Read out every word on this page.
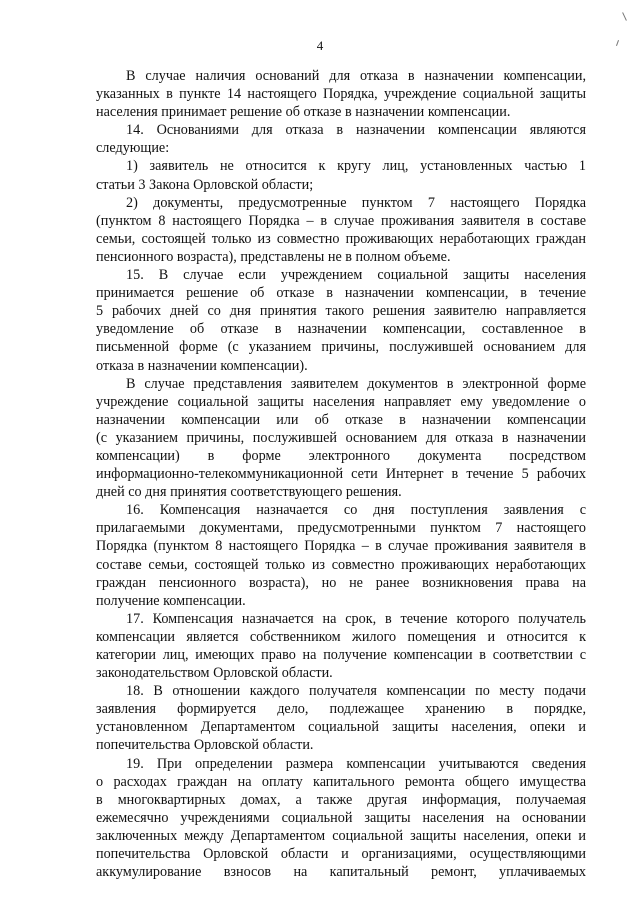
4
В случае наличия оснований для отказа в назначении компенсации,
указанных в пункте 14 настоящего Порядка, учреждение социальной защиты
населения принимает решение об отказе в назначении компенсации.
14. Основаниями для отказа в назначении компенсации являются
следующие:
1) заявитель не относится к кругу лиц, установленных частью 1
статьи 3 Закона Орловской области;
2) документы, предусмотренные пунктом 7 настоящего Порядка
(пунктом 8 настоящего Порядка – в случае проживания заявителя в составе
семьи, состоящей только из совместно проживающих неработающих граждан
пенсионного возраста), представлены не в полном объеме.
15. В случае если учреждением социальной защиты населения
принимается решение об отказе в назначении компенсации, в течение
5 рабочих дней со дня принятия такого решения заявителю направляется
уведомление об отказе в назначении компенсации, составленное в
письменной форме (с указанием причины, послужившей основанием для
отказа в назначении компенсации).
В случае представления заявителем документов в электронной форме
учреждение социальной защиты населения направляет ему уведомление о
назначении компенсации или об отказе в назначении компенсации
(с указанием причины, послужившей основанием для отказа в назначении
компенсации) в форме электронного документа посредством
информационно-телекоммуникационной сети Интернет в течение 5 рабочих
дней со дня принятия соответствующего решения.
16. Компенсация назначается со дня поступления заявления с
прилагаемыми документами, предусмотренными пунктом 7 настоящего
Порядка (пунктом 8 настоящего Порядка – в случае проживания заявителя в
составе семьи, состоящей только из совместно проживающих неработающих
граждан пенсионного возраста), но не ранее возникновения права на
получение компенсации.
17. Компенсация назначается на срок, в течение которого получатель
компенсации является собственником жилого помещения и относится к
категории лиц, имеющих право на получение компенсации в соответствии с
законодательством Орловской области.
18. В отношении каждого получателя компенсации по месту подачи
заявления формируется дело, подлежащее хранению в порядке,
установленном Департаментом социальной защиты населения, опеки и
попечительства Орловской области.
19. При определении размера компенсации учитываются сведения
о расходах граждан на оплату капитального ремонта общего имущества
в многоквартирных домах, а также другая информация, получаемая
ежемесячно учреждениями социальной защиты населения на основании
заключенных между Департаментом социальной защиты населения, опеки и
попечительства Орловской области и организациями, осуществляющими
аккумулирование взносов на капитальный ремонт, уплачиваемых
